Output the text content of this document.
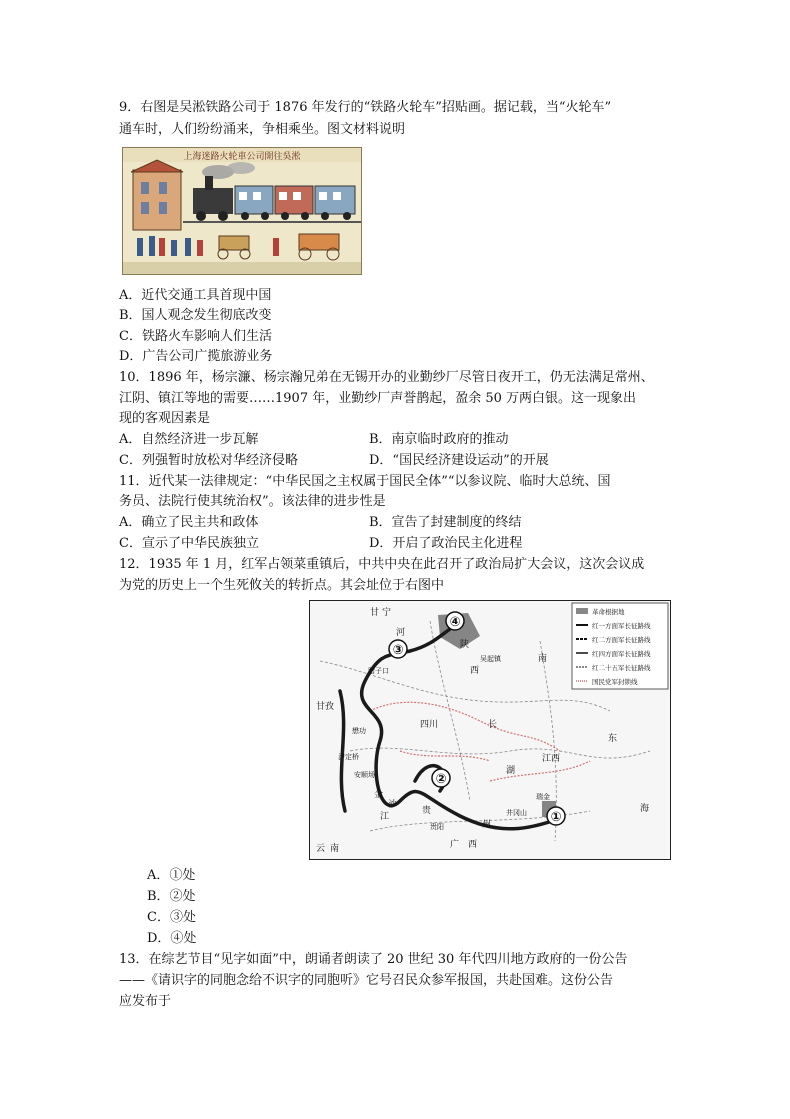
9．右图是吴淞铁路公司于 1876 年发行的“铁路火轮车”招贴画。据记载，当“火轮车”
通车时，人们纷纷涌来，争相乘坐。图文材料说明
上海迷路火轮車公司開往吳淞
A．近代交通工具首现中国
B．国人观念发生彻底改变
C．铁路火车影响人们生活
D．广告公司广揽旅游业务
10．1896 年，杨宗濂、杨宗瀚兄弟在无锡开办的业勤纱厂尽管日夜开工，仍无法满足常州、
江阴、镇江等地的需要……1907 年，业勤纱厂声誉鹊起，盈余 50 万两白银。这一现象出
现的客观因素是
A．自然经济进一步瓦解	B．南京临时政府的推动
C．列强暂时放松对华经济侵略	D．“国民经济建设运动”的开展
11．近代某一法律规定：“中华民国之主权属于国民全体”“以参议院、临时大总统、国
务员、法院行使其统治权”。该法律的进步性是
A．确立了民主共和政体	B．宣告了封建制度的终结
C．宣示了中华民族独立	D．开启了政治民主化进程
12．1935 年 1 月，红军占领菜重镇后，中共中央在此召开了政治局扩大会议，这次会议成
为党的历史上一个生死攸关的转折点。其会址位于右图中
①
②
③
④
革命根据地
红一方面军长征路线
红二方面军长征路线
红四方面军长征路线
红二十五军长征路线
国民党军封锁线
甘 宁
陕
河
南
甘孜
西
四川
吴起镇
腊子口
懋功
泸定桥
安顺场
金
沙
江
长
湖
贵
贵阳
广 西
江西
瑞金
井冈山
东
海
云 南
州
A．①处
B．②处
C．③处
D．④处
13．在综艺节目“见字如面”中，朗诵者朗读了 20 世纪 30 年代四川地方政府的一份公告
——《请识字的同胞念给不识字的同胞听》它号召民众参军报国，共赴国难。这份公告
应发布于
